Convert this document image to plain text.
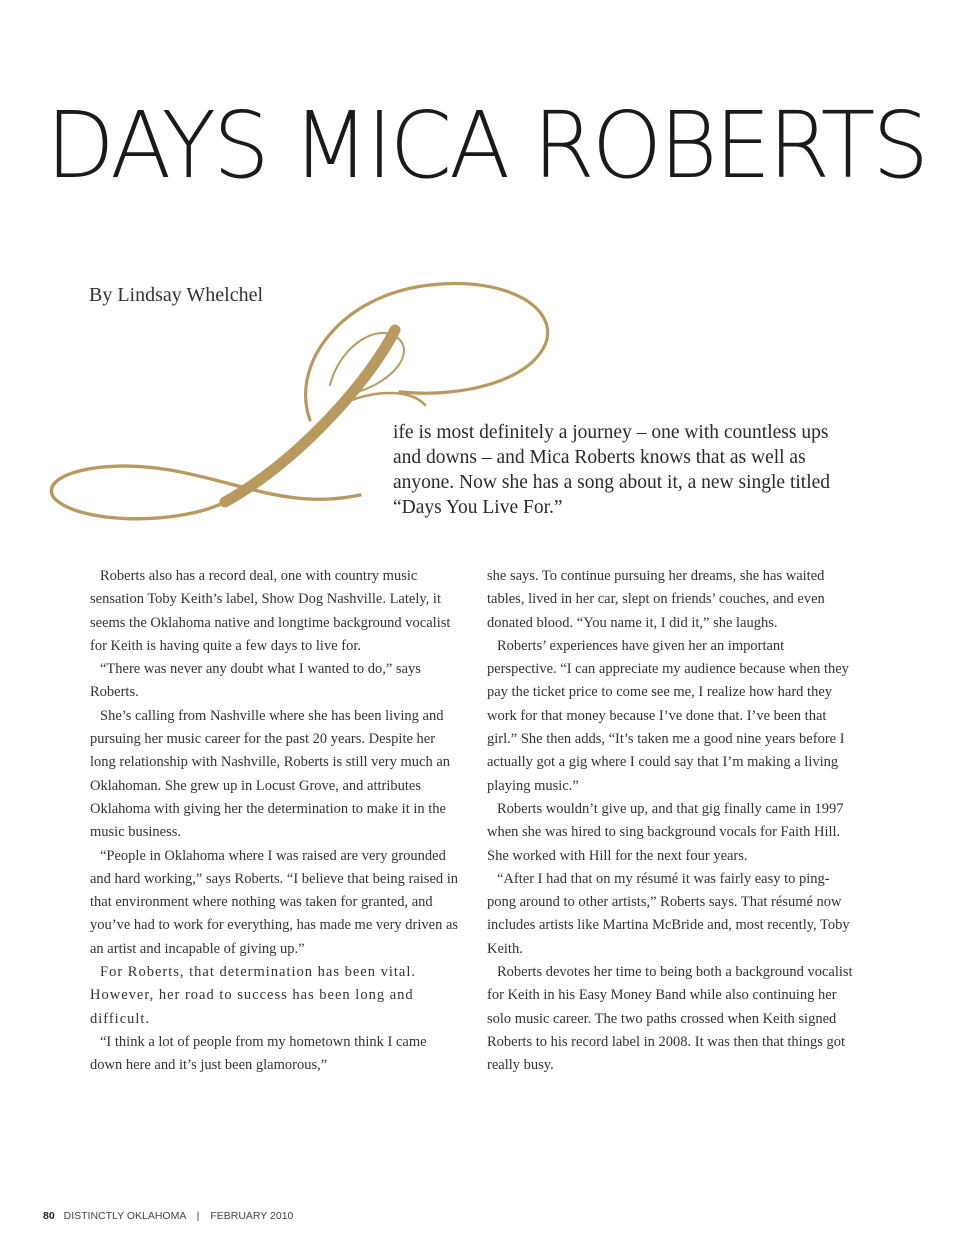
DAYS MICA ROBERTS
By Lindsay Whelchel
ife is most definitely a journey – one with countless ups and downs – and Mica Roberts knows that as well as anyone. Now she has a song about it, a new single titled “Days You Live For.”

Roberts also has a record deal, one with country music sensation Toby Keith’s label, Show Dog Nashville. Lately, it seems the Oklahoma native and longtime background vocalist for Keith is having quite a few days to live for.

“There was never any doubt what I wanted to do,” says Roberts.

She’s calling from Nashville where she has been living and pursuing her music career for the past 20 years. Despite her long relationship with Nashville, Roberts is still very much an Oklahoman. She grew up in Locust Grove, and attributes Oklahoma with giving her the determination to make it in the music business.

“People in Oklahoma where I was raised are very grounded and hard working,” says Roberts. “I believe that being raised in that environment where nothing was taken for granted, and you’ve had to work for everything, has made me very driven as an artist and incapable of giving up.”

For Roberts, that determination has been vital. However, her road to success has been long and difficult.

“I think a lot of people from my hometown think I came down here and it’s just been glamorous,”

she says. To continue pursuing her dreams, she has waited tables, lived in her car, slept on friends’ couches, and even donated blood. “You name it, I did it,” she laughs.

Roberts’ experiences have given her an important perspective. “I can appreciate my audience because when they pay the ticket price to come see me, I realize how hard they work for that money because I’ve done that. I’ve been that girl.” She then adds, “It’s taken me a good nine years before I actually got a gig where I could say that I’m making a living playing music.”

Roberts wouldn’t give up, and that gig finally came in 1997 when she was hired to sing background vocals for Faith Hill. She worked with Hill for the next four years.

“After I had that on my résumé it was fairly easy to ping-pong around to other artists,” Roberts says. That résumé now includes artists like Martina McBride and, most recently, Toby Keith.

Roberts devotes her time to being both a background vocalist for Keith in his Easy Money Band while also continuing her solo music career. The two paths crossed when Keith signed Roberts to his record label in 2008. It was then that things got really busy.

80 DISTINCTLY OKLAHOMA | FEBRUARY 2010
